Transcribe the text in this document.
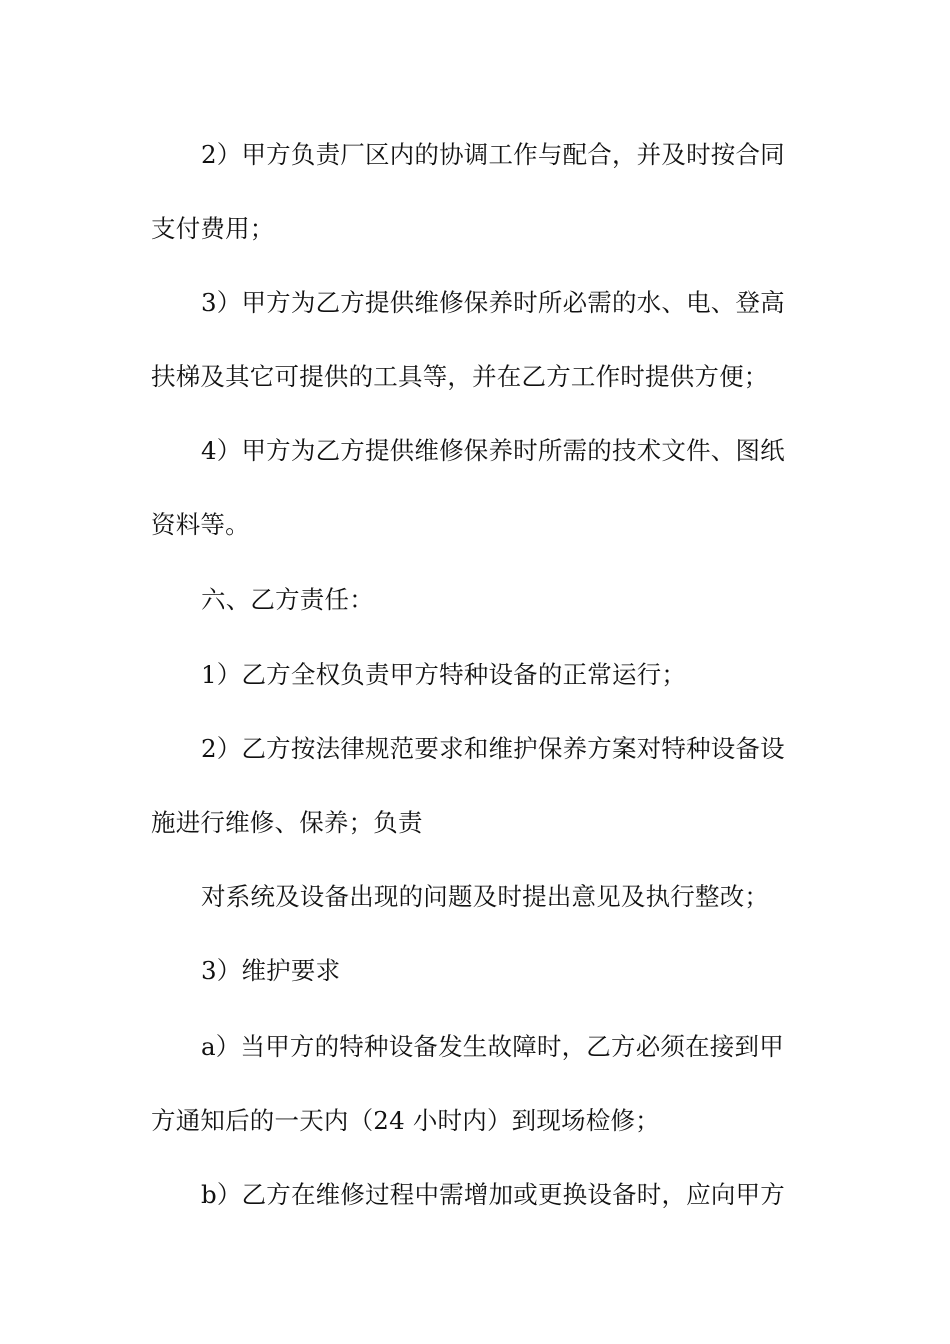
2）甲方负责厂区内的协调工作与配合，并及时按合同
支付费用；
3）甲方为乙方提供维修保养时所必需的水、电、登高
扶梯及其它可提供的工具等，并在乙方工作时提供方便；
4）甲方为乙方提供维修保养时所需的技术文件、图纸
资料等。
六、乙方责任：
1）乙方全权负责甲方特种设备的正常运行；
2）乙方按法律规范要求和维护保养方案对特种设备设
施进行维修、保养；负责
对系统及设备出现的问题及时提出意见及执行整改；
3）维护要求
a）当甲方的特种设备发生故障时，乙方必须在接到甲
方通知后的一天内（24 小时内）到现场检修；
b）乙方在维修过程中需增加或更换设备时，应向甲方
